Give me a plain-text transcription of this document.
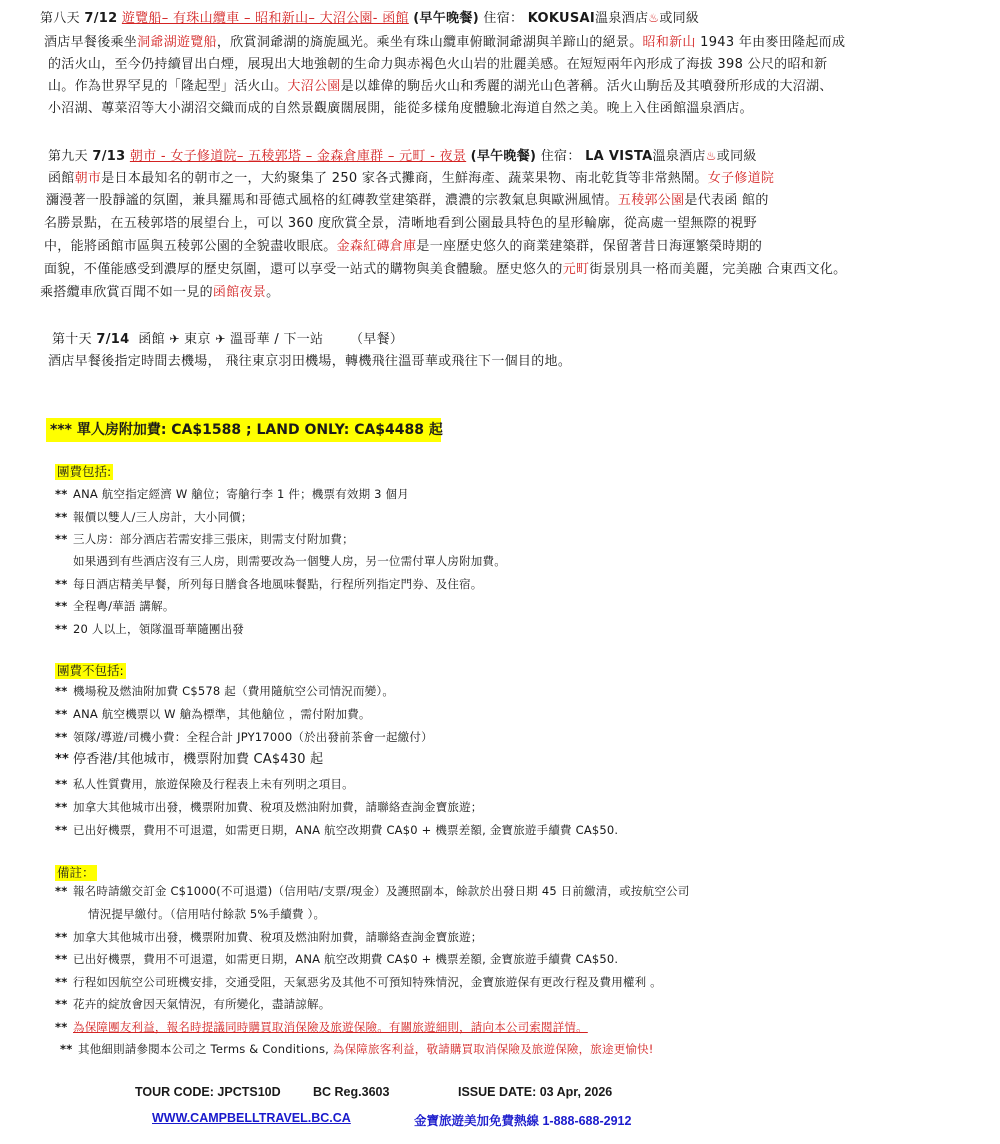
第八天 7/12 遊覽船– 有珠山纜車 – 昭和新山– 大沼公園- 函館 (早午晚餐) 住宿： KOKUSAI溫泉酒店♨或同級
酒店早餐後乘坐洞爺湖遊覽船，欣賞洞爺湖的旖旎風光。乘坐有珠山纜車俯瞰洞爺湖與羊蹄山的絕景。昭和新山 1943 年由麥田隆起而成
的活火山，至今仍持續冒出白煙，展現出大地強韌的生命力與赤褐色火山岩的壯麗美感。在短短兩年內形成了海拔 398 公尺的昭和新
山。作為世界罕見的「隆起型」活火山。大沼公園是以雄偉的駒岳火山和秀麗的湖光山色著稱。活火山駒岳及其噴發所形成的大沼湖、
小沼湖、蓴菜沼等大小湖沼交織而成的自然景觀廣闊展開，能從多樣角度體驗北海道自然之美。晚上入住函館溫泉酒店。
第九天 7/13 朝市 - 女子修道院– 五稜郭塔 – 金森倉庫群 – 元町 - 夜景 (早午晚餐) 住宿： LA VISTA溫泉酒店♨或同級
函館朝市是日本最知名的朝市之一，大約聚集了 250 家各式攤商，生鮮海產、蔬菜果物、南北乾貨等非常熱鬧。女子修道院
瀰漫著一股靜謐的氛圍，兼具羅馬和哥德式風格的紅磚教堂建築群，濃濃的宗教氣息與歐洲風情。五稜郭公園是代表函 館的
名勝景點，在五稜郭塔的展望台上，可以 360 度欣賞全景，清晰地看到公園最具特色的星形輪廓，從高處一望無際的視野
中，能將函館市區與五稜郭公園的全貌盡收眼底。金森紅磚倉庫是一座歷史悠久的商業建築群，保留著昔日海運繁榮時期的
面貌，不僅能感受到濃厚的歷史氛圍，還可以享受一站式的購物與美食體驗。歷史悠久的元町街景別具一格而美麗，完美融 合東西文化。
乘搭纜車欣賞百聞不如一見的函館夜景。
第十天 7/14 函館 ✈ 東京 ✈ 溫哥華 / 下一站 （早餐）
酒店早餐後指定時間去機場， 飛往東京羽田機場，轉機飛往溫哥華或飛往下一個目的地。
*** 單人房附加費: CA$1588 ; LAND ONLY: CA$4488 起
團費包括:
** ANA 航空指定經濟 W 艙位；寄艙行李 1 件；機票有效期 3 個月
** 報價以雙人/三人房計，大小同價；
** 三人房：部分酒店若需安排三張床，則需支付附加費；
如果遇到有些酒店沒有三人房，則需要改為一個雙人房，另一位需付單人房附加費。
** 每日酒店精美早餐，所列每日膳食各地風味餐點，行程所列指定門券、及住宿。
** 全程粵/華語 講解。
** 20 人以上，領隊溫哥華隨團出發
團費不包括:
** 機場稅及燃油附加費 C$578 起（費用隨航空公司情況而變）。
** ANA 航空機票以 W 艙為標準，其他艙位 ，需付附加費。
** 領隊/導遊/司機小費：全程合計 JPY17000（於出發前茶會一起繳付）
** 停香港/其他城市，機票附加費 CA$430 起
** 私人性質費用，旅遊保險及行程表上未有列明之項目。
** 加拿大其他城市出發，機票附加費、稅項及燃油附加費，請聯絡查詢金寶旅遊；
** 已出好機票，費用不可退還，如需更日期，ANA 航空改期費 CA$0 + 機票差額, 金寶旅遊手續費 CA$50.
備註：
** 報名時請繳交訂金 C$1000(不可退還)（信用咭/支票/現金）及護照副本，餘款於出發日期 45 日前繳清，或按航空公司
情況提早繳付。（信用咭付餘款 5%手續費 ）。
** 加拿大其他城市出發，機票附加費、稅項及燃油附加費，請聯絡查詢金寶旅遊；
** 已出好機票，費用不可退還，如需更日期，ANA 航空改期費 CA$0 + 機票差額, 金寶旅遊手續費 CA$50.
** 行程如因航空公司班機安排，交通受阻，天氣惡劣及其他不可預知特殊情況，金寶旅遊保有更改行程及費用權利 。
** 花卉的綻放會因天氣情況，有所變化，盡請諒解。
** 為保障團友利益，報名時提議同時購買取消保險及旅遊保險。有關旅遊細則，請向本公司索閱詳情。
** 其他細則請參閱本公司之 Terms & Conditions, 為保障旅客利益，敬請購買取消保險及旅遊保險，旅途更愉快!
TOUR CODE: JPCTS10D	BC Reg.3603	ISSUE DATE: 03 Apr, 2026
WWW.CAMPBELLTRAVEL.BC.CA	金寶旅遊美加免費熱線 1-888-688-2912
